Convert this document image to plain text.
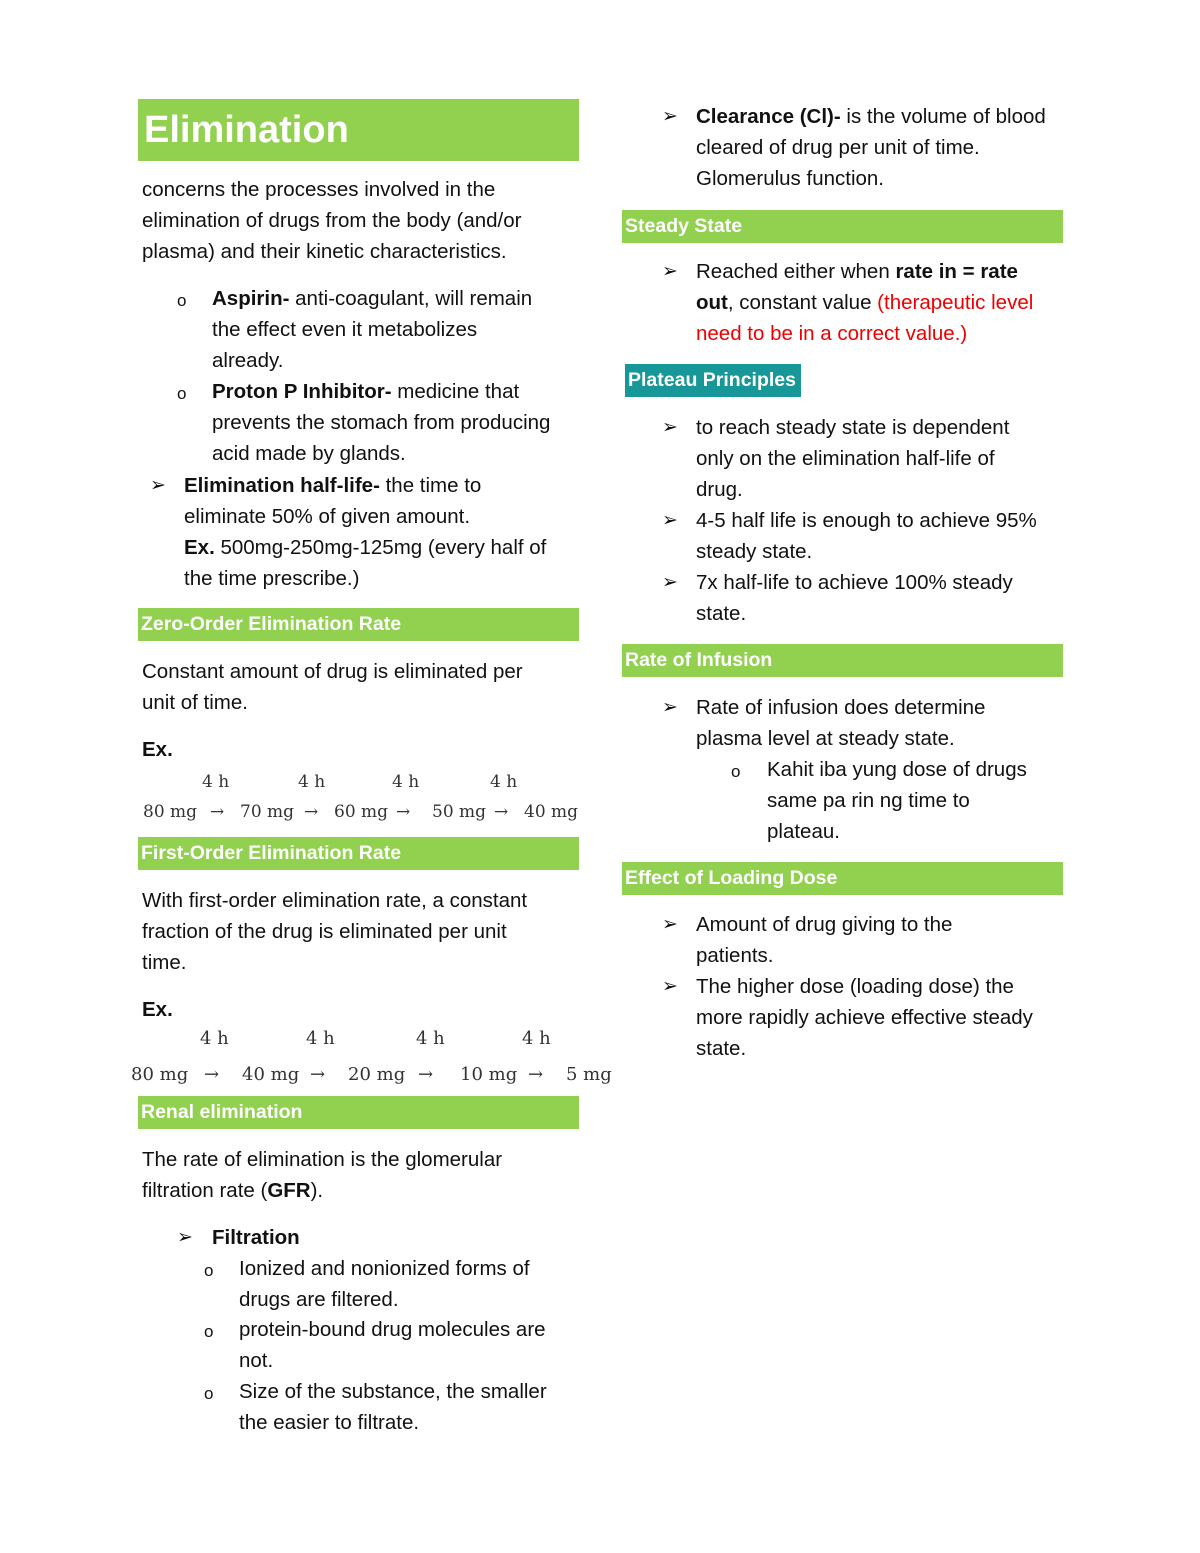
Elimination
concerns the processes involved in the
elimination of drugs from the body (and/or
plasma) and their kinetic characteristics.
o Aspirin- anti-coagulant, will remain
the effect even it metabolizes
already.
o Proton P Inhibitor- medicine that
prevents the stomach from producing
acid made by glands.
➢ Elimination half-life- the time to
eliminate 50% of given amount.
Ex. 500mg-250mg-125mg (every half of
the time prescribe.)
Zero-Order Elimination Rate
Constant amount of drug is eliminated per
unit of time.
Ex.
4 h	4 h	4 h	4 h
80 mg → 70 mg → 60 mg → 50 mg → 40 mg
First-Order Elimination Rate
With first-order elimination rate, a constant
fraction of the drug is eliminated per unit
time.
Ex.
4 h	4 h	4 h	4 h
80 mg → 40 mg → 20 mg → 10 mg → 5 mg
Renal elimination
The rate of elimination is the glomerular
filtration rate (GFR).
➢ Filtration
o Ionized and nonionized forms of
drugs are filtered.
o protein-bound drug molecules are
not.
o Size of the substance, the smaller
the easier to filtrate.
➢ Clearance (Cl)- is the volume of blood
cleared of drug per unit of time.
Glomerulus function.
Steady State
➢ Reached either when rate in = rate
out, constant value (therapeutic level
need to be in a correct value.)
Plateau Principles
➢ to reach steady state is dependent
only on the elimination half-life of
drug.
➢ 4-5 half life is enough to achieve 95%
steady state.
➢ 7x half-life to achieve 100% steady
state.
Rate of Infusion
➢ Rate of infusion does determine
plasma level at steady state.
o Kahit iba yung dose of drugs
same pa rin ng time to
plateau.
Effect of Loading Dose
➢ Amount of drug giving to the
patients.
➢ The higher dose (loading dose) the
more rapidly achieve effective steady
state.
